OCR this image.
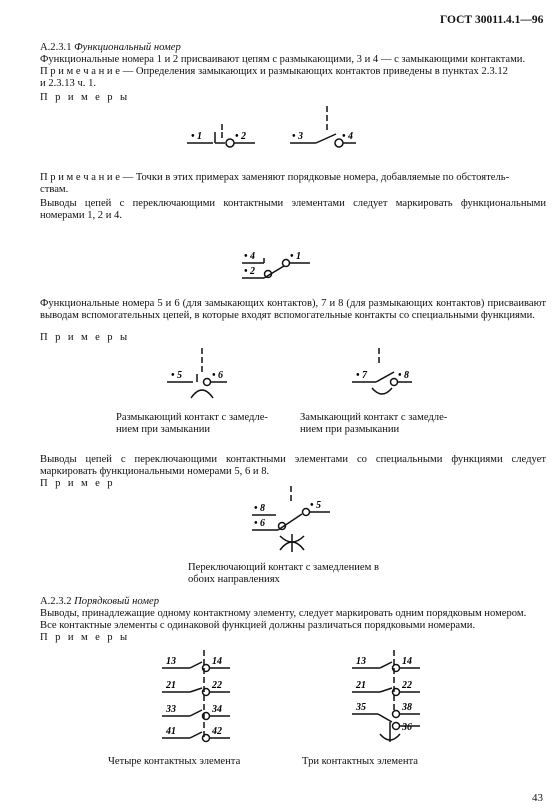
ГОСТ 30011.4.1—96
А.2.3.1 Функциональный номер
Функциональные номера 1 и 2 присваивают цепям с размыкающими, 3 и 4 — с замыкающими контактами.
П р и м е ч а н и е — Определения замыкающих и размыкающих контактов приведены в пунктах 2.3.12
и 2.3.13 ч. 1.
П р и м е р ы
• 1	• 2	• 3	• 4
П р и м е ч а н и е — Точки в этих примерах заменяют порядковые номера, добавляемые по обстоятель-
ствам.
Выводы цепей с переключающими контактными элементами следует маркировать функциональными номерами 1, 2 и 4.
• 4
• 2
• 1
Функциональные номера 5 и 6 (для замыкающих контактов), 7 и 8 (для размыкающих контактов) присваивают выводам вспомогательных цепей, в которые входят вспомогательные контакты со специальными функциями.
П р и м е р ы
• 5	• 6	• 7	• 8
Размыкающий контакт с замедле-
нием при замыкании
Замыкающий контакт с замедле-
нием при размыкании
Выводы цепей с переключающими контактными элементами со специальными функциями следует маркировать функциональными номерами 5, 6 и 8.
П р и м е р
• 8
• 6
• 5
Переключающий контакт с замедлением в
обоих направлениях
А.2.3.2 Порядковый номер
Выводы, принадлежащие одному контактному элементу, следует маркировать одним порядковым номером.
Все контактные элементы с одинаковой функцией должны различаться порядковыми номерами.
П р и м е р ы
13	14
21	22
33	34
41	42
13	14
21	22
35	38
36
Четыре контактных элемента	Три контактных элемента
43
